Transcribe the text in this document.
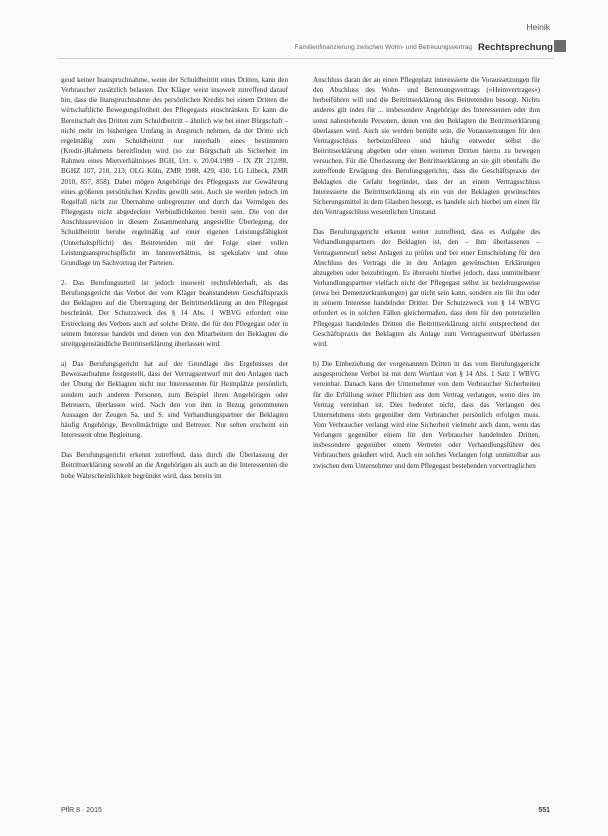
Heinik
Familienfinanzierung zwischen Wohn- und Betreuungsvertrag Rechtsprechung

geud keiner Inanspruchnahme, wenn der Schuldbeitritt eines Dritten, kann den Verbraucher zusätzlich belasten. Der Kläger weist insoweit zutreffend darauf hin, dass die Inanspruchnahme des persönlichen Kredits bei einem Dritten die wirtschaftliche Bewegungsfreiheit des Pflegegasts einschränken. Er kann die Bereitschaft des Dritten zum Schuldbeitritt – ähnlich wie bei einer Bürgschaft – nicht mehr im bisherigen Umfang in Anspruch nehmen, da der Dritte sich regelmäßig zum Schuldbeitritt nur innerhalb eines bestimmten (Kredit-)Rahmens bereitfinden wird (so zur Bürgschaft als Sicherheit im Rahmen eines Mietverhältnisses BGH, Urt. v. 20.04.1989 – IX ZR 212/88, BGHZ 107, 210, 213; OLG Köln, ZMR 1988, 429, 430; LG Lübeck, ZMR 2010, 857, 858). Dabei mögen Angehörige des Pflegegasts zur Gewährung eines größeren persönlichen Kredits gewillt sein. Auch sie werden jedoch im Regelfall nicht zur Übernahme unbegrenzter und durch das Vermögen des Pflegegasts nicht abgedeckter Verbindlichkeiten bereit sein. Die von der Anschlussrevision in diesem Zusammenhang angestellte Überlegung, der Schuldbeitritt beruhe regelmäßig auf einer eigenen Leistungsfähigkeit (Unterhaltspflicht) des Beitretenden mit der Folge einer vollen Leistungsanspruchspflicht im Innenverhältnis, ist spekulativ und ohne Grundlage im Sachvortrag der Parteien.

2. Das Berufungsurteil ist jedoch insoweit rechtsfehlerhaft, als das Berufungsgericht das Verbot der vom Kläger beanstandeten Geschäftspraxis der Beklagten auf die Übertragung der Beitrittserklärung an den Pflegegast beschränkt. Der Schutzzweck des § 14 Abs. 1 WBVG erfordert eine Erstreckung des Verbots auch auf solche Dritte, die für den Pflegegast oder in seinem Interesse handeln und denen von den Mitarbeitern der Beklagten die streitgegenständliche Beitrittserklärung überlassen wird.

a) Das Berufungsgericht hat auf der Grundlage des Ergebnisses der Beweisaufnahme festgestellt, dass der Vertragsentwurf mit den Anlagen nach der Übung der Beklagten nicht nur Interessenten für Heimplätze persönlich, sondern auch anderen Personen, zum Beispiel ihren Angehörigen oder Betreuern, überlassen wird. Nach den von ihm in Bezug genommenen Aussagen der Zeugen Sa. und S. sind Verhandlungspartner der Beklagten häufig Angehörige, Bevollmächtigte und Betreuer. Nur selten erscheint ein Interessent ohne Begleitung.

Das Berufungsgericht erkennt zutreffend, dass durch die Überlassung der Beitrittserklärung sowohl an die Angehörigen als auch an die Interessenten die hohe Wahrscheinlichkeit begründet wird, dass bereits im

Anschluss daran der an einen Pflegeplatz interessierte die Voraussetzungen für den Abschluss des Wohn- und Betreuungsvertrags (»Heimvertrages«) herbeiführen will und die Beitrittserklärung des Beitretenden besorgt. Nichts anderes gilt indes für ... insbesondere Angehörige des Interessenten oder ihm sonst nahestehende Personen, denen von den Beklagten die Beitrittserklärung überlassen wird. Auch sie werden bemüht sein, die Voraussetzungen für den Vertragsschluss herbeizuführen und häufig entweder selbst die Beitrittserklärung abgeben oder einen weiteren Dritten hierzu zu bewegen versuchen. Für die Überlassung der Beitrittserklärung an sie gilt ebenfalls die zutreffende Erwägung des Berufungsgerichts, dass die Geschäftspraxis der Beklagten die Gefahr begründet, dass der an einem Vertragsschluss Interessierte die Beitrittserklärung als ein von der Beklagten gewünschtes Sicherungsmittel in dem Glauben besorgt, es handele sich hierbei um einen für den Vertragsschluss wesentlichen Umstand.

Das Berufungsgericht erkennt weiter zutreffend, dass es Aufgabe des Verhandlungspartners der Beklagten ist, den – ihm überlassenen – Vertragsentwurf nebst Anlagen zu prüfen und bei einer Entscheidung für den Abschluss des Vertrags die in den Anlagen gewünschten Erklärungen abzugeben oder beizubringen. Es übersieht hierbei jedoch, dass unmittelbarer Verhandlungspartner vielfach nicht der Pflegegast selbst ist beziehungsweise (etwa bei Demenzerkrankungen) gar nicht sein kann, sondern ein für ihn oder in seinem Interesse handelnder Dritter. Der Schutzzweck von § 14 WBVG erfordert es in solchen Fällen gleichermaßen, dass dem für den potenziellen Pflegegast handelnden Dritten die Beitrittserklärung nicht entsprechend der Geschäftspraxis der Beklagten als Anlage zum Vertragsentwurf überlassen wird.

b) Die Einbeziehung der vorgenannten Dritten in das vom Berufungsgericht ausgesprochene Verbot ist mit dem Wortlaut von § 14 Abs. 1 Satz 1 WBVG vereinbar. Danach kann der Unternehmer von dem Verbraucher Sicherheiten für die Erfüllung seiner Pflichten aus dem Vertrag verlangen, wenn dies im Vertrag vereinbart ist. Dies bedeutet nicht, dass das Verlangen des Unternehmens stets gegenüber dem Verbraucher persönlich erfolgen muss. Vom Verbraucher verlangt wird eine Sicherheit vielmehr auch dann, wenn das Verlangen gegenüber einem für den Verbraucher handelnden Dritten, insbesondere gegenüber einem Vertreter oder Verhandlungsführer des Verbrauchers geäußert wird. Auch ein solches Verlangen folgt unmittelbar aus zwischen dem Unternehmer und dem Pflegegast bestehenden vorvertraglichen

PflR 8 · 2015	551
